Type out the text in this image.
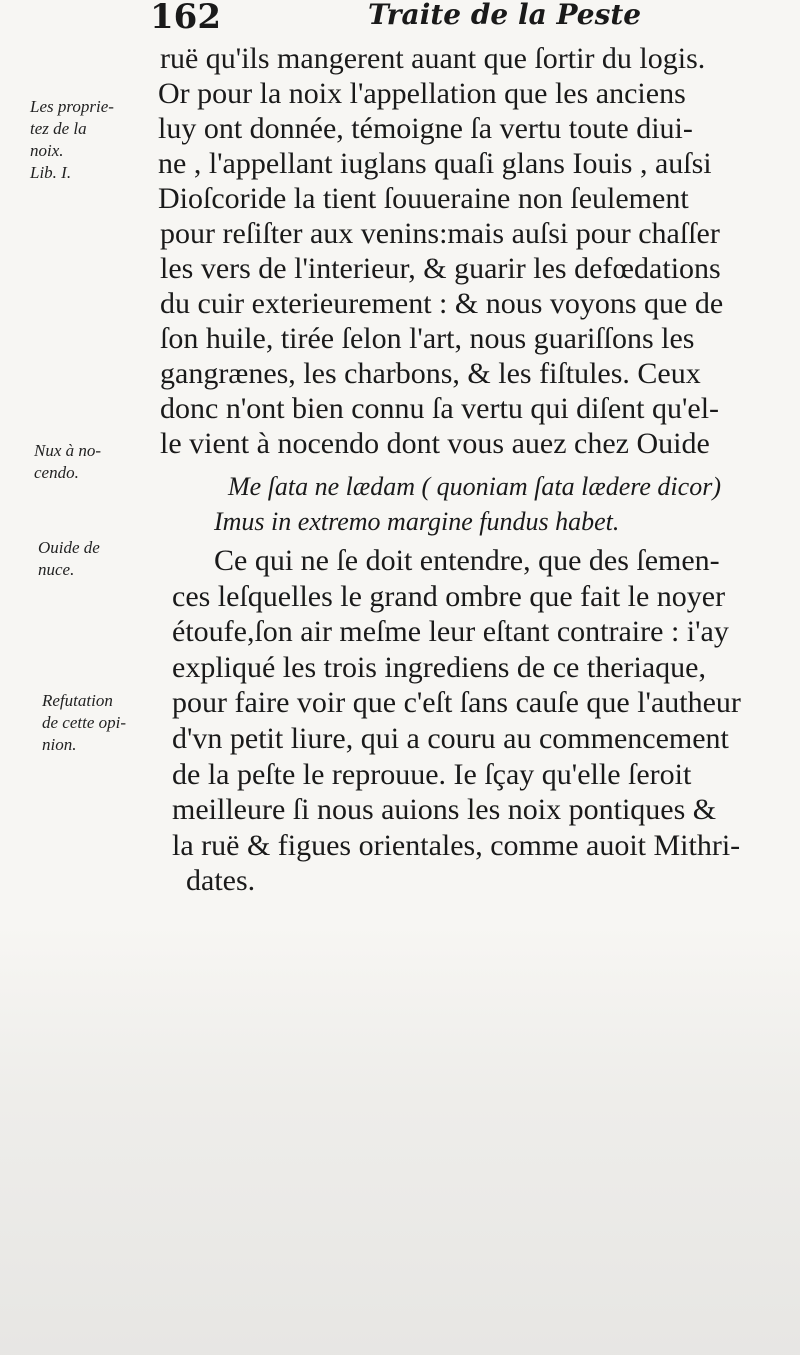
162	Traite de la Peste
ruë qu'ils mangerent auant que ſortir du logis.
Or pour la noix l'appellation que les anciens
luy ont donnée, témoigne ſa vertu toute diui-
ne , l'appellant iuglans quaſi glans Iouis , auſsi
Dioſcoride la tient ſouueraine non ſeulement
pour reſiſter aux venins:mais auſsi pour chaſſer
les vers de l'interieur, & guarir les defœdations
du cuir exterieurement : & nous voyons que de
ſon huile, tirée ſelon l'art, nous guariſſons les
gangrænes, les charbons, & les fiſtules. Ceux
donc n'ont bien connu ſa vertu qui diſent qu'el-
le vient à nocendo dont vous auez chez Ouide
Me ſata ne lædam ( quoniam ſata lædere dicor)
Imus in extremo margine fundus habet.
Ce qui ne ſe doit entendre, que des ſemen-
ces leſquelles le grand ombre que fait le noyer
étoufe,ſon air meſme leur eſtant contraire : i'ay
expliqué les trois ingrediens de ce theriaque,
pour faire voir que c'eſt ſans cauſe que l'autheur
d'vn petit liure, qui a couru au commencement
de la peſte le reprouue. Ie ſçay qu'elle ſeroit
meilleure ſi nous auions les noix pontiques &
la ruë & figues orientales, comme auoit Mithri-
dates.
Les proprie-
tez de la
noix.
Lib. I.
Nux à no-
cendo.
Ouide de
nuce.
Refutation
de cette opi-
nion.
